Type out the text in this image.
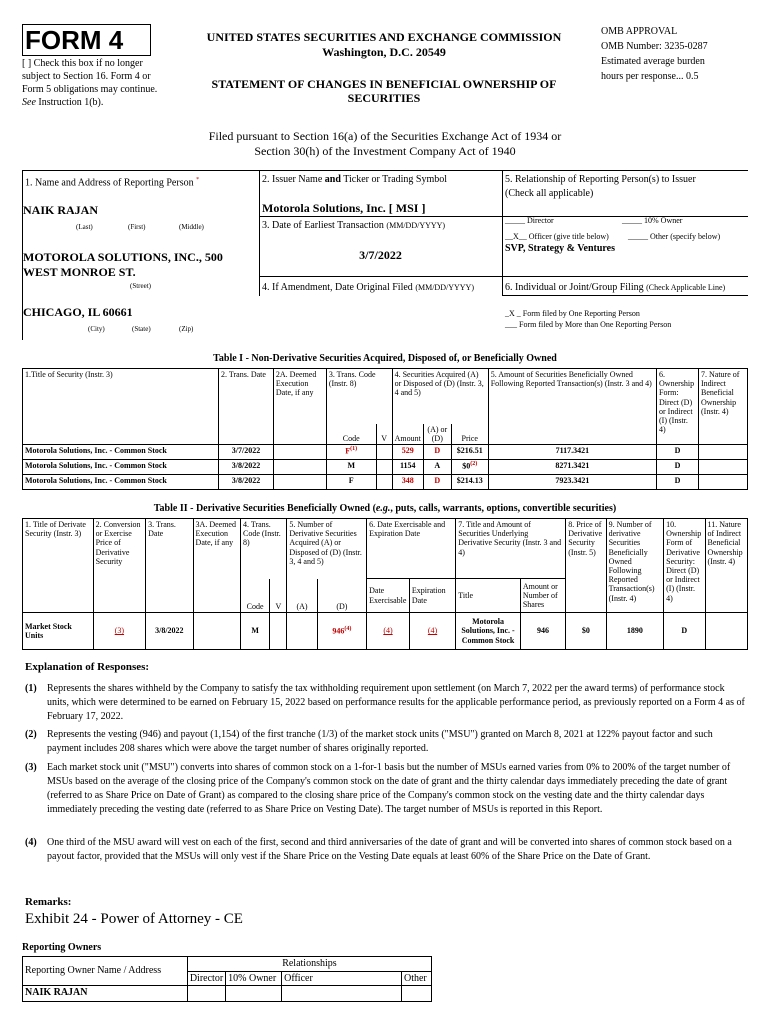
FORM 4
[ ] Check this box if no longer subject to Section 16. Form 4 or Form 5 obligations may continue. See Instruction 1(b).
UNITED STATES SECURITIES AND EXCHANGE COMMISSION
Washington, D.C. 20549
STATEMENT OF CHANGES IN BENEFICIAL OWNERSHIP OF SECURITIES
OMB APPROVAL
OMB Number: 3235-0287
Estimated average burden
hours per response... 0.5
Filed pursuant to Section 16(a) of the Securities Exchange Act of 1934 or
Section 30(h) of the Investment Company Act of 1940
1. Name and Address of Reporting Person *
NAIK RAJAN
(Last)	(First)	(Middle)
MOTOROLA SOLUTIONS, INC., 500
WEST MONROE ST.
(Street)
CHICAGO, IL 60661
(City)	(State)	(Zip)
2. Issuer Name and Ticker or Trading Symbol
Motorola Solutions, Inc. [ MSI ]
3. Date of Earliest Transaction (MM/DD/YYYY)
3/7/2022
4. If Amendment, Date Original Filed (MM/DD/YYYY)
5. Relationship of Reporting Person(s) to Issuer
(Check all applicable)
_____ Director	_____ 10% Owner
__X__ Officer (give title below) _____ Other (specify below)
SVP, Strategy & Ventures
6. Individual or Joint/Group Filing (Check Applicable Line)
_X _ Form filed by One Reporting Person
___ Form filed by More than One Reporting Person
Table I - Non-Derivative Securities Acquired, Disposed of, or Beneficially Owned
1.Title of Security (Instr. 3)	2. Trans. Date	2A. Deemed Execution Date, if any	3. Trans. Code (Instr. 8)		4. Securities Acquired (A) or Disposed of (D) (Instr. 3, 4 and 5)			5. Amount of Securities Beneficially Owned Following Reported Transaction(s) (Instr. 3 and 4)	6. Ownership Form: Direct (D) or Indirect (I) (Instr. 4)	7. Nature of Indirect Beneficial Ownership (Instr. 4)
			Code	V	Amount	(A) or (D)	Price			
Motorola Solutions, Inc. - Common Stock	3/7/2022		$F^{(1)}$		529	D	$216.51	7117.3421	D	
Motorola Solutions, Inc. - Common Stock	3/8/2022		M		1154	A	$0$^{(2)}$	8271.3421	D	
Motorola Solutions, Inc. - Common Stock	3/8/2022		F		348	D	$214.13	7923.3421	D	
Table II - Derivative Securities Beneficially Owned (e.g., puts, calls, warrants, options, convertible securities)
1. Title of Derivate Security (Instr. 3)	2. Conversion or Exercise Price of Derivative Security	3. Trans. Date	3A. Deemed Execution Date, if any	4. Trans. Code (Instr. 8)		5. Number of Derivative Securities Acquired (A) or Disposed of (D) (Instr. 3, 4 and 5)		6. Date Exercisable and Expiration Date		7. Title and Amount of Securities Underlying Derivative Security (Instr. 3 and 4)		8. Price of Derivative Security (Instr. 5)	9. Number of derivative Securities Beneficially Owned Following Reported Transaction(s) (Instr. 4)	10. Ownership Form of Derivative Security: Direct (D) or Indirect (I) (Instr. 4)	11. Nature of Indirect Beneficial Ownership (Instr. 4)
				Code	V	(A)	(D)	Date Exercisable	Expiration Date	Title	Amount or Number of Shares				
Market Stock Units	(3)	3/8/2022		M			946$^{(4)}$	(4)	(4)	Motorola Solutions, Inc. - Common Stock	946	$0	1890	D	
Explanation of Responses:
(1) Represents the shares withheld by the Company to satisfy the tax withholding requirement upon settlement (on March 7, 2022 per the award terms) of performance stock units, which were determined to be earned on February 15, 2022 based on performance results for the applicable performance period, as previously reported on a Form 4 as of February 17, 2022.
(2) Represents the vesting (946) and payout (1,154) of the first tranche (1/3) of the market stock units ("MSU") granted on March 8, 2021 at 122% payout factor and such payment includes 208 shares which were above the target number of shares originally reported.
(3) Each market stock unit ("MSU") converts into shares of common stock on a 1-for-1 basis but the number of MSUs earned varies from 0% to 200% of the target number of MSUs based on the average of the closing price of the Company's common stock on the date of grant and the thirty calendar days immediately preceding the date of grant (referred to as Share Price on Date of Grant) as compared to the closing share price of the Company's common stock on the vesting date and the thirty calendar days immediately preceding the vesting date (referred to as Share Price on Vesting Date). The target number of MSUs is reported in this Report.
(4) One third of the MSU award will vest on each of the first, second and third anniversaries of the date of grant and will be converted into shares of common stock based on a payout factor, provided that the MSUs will only vest if the Share Price on the Vesting Date equals at least 60% of the Share Price on the Date of Grant.
Remarks:
Exhibit 24 - Power of Attorney - CE
Reporting Owners
Reporting Owner Name / Address	Relationships			
	Director	10% Owner	Officer	Other
NAIK RAJAN				
